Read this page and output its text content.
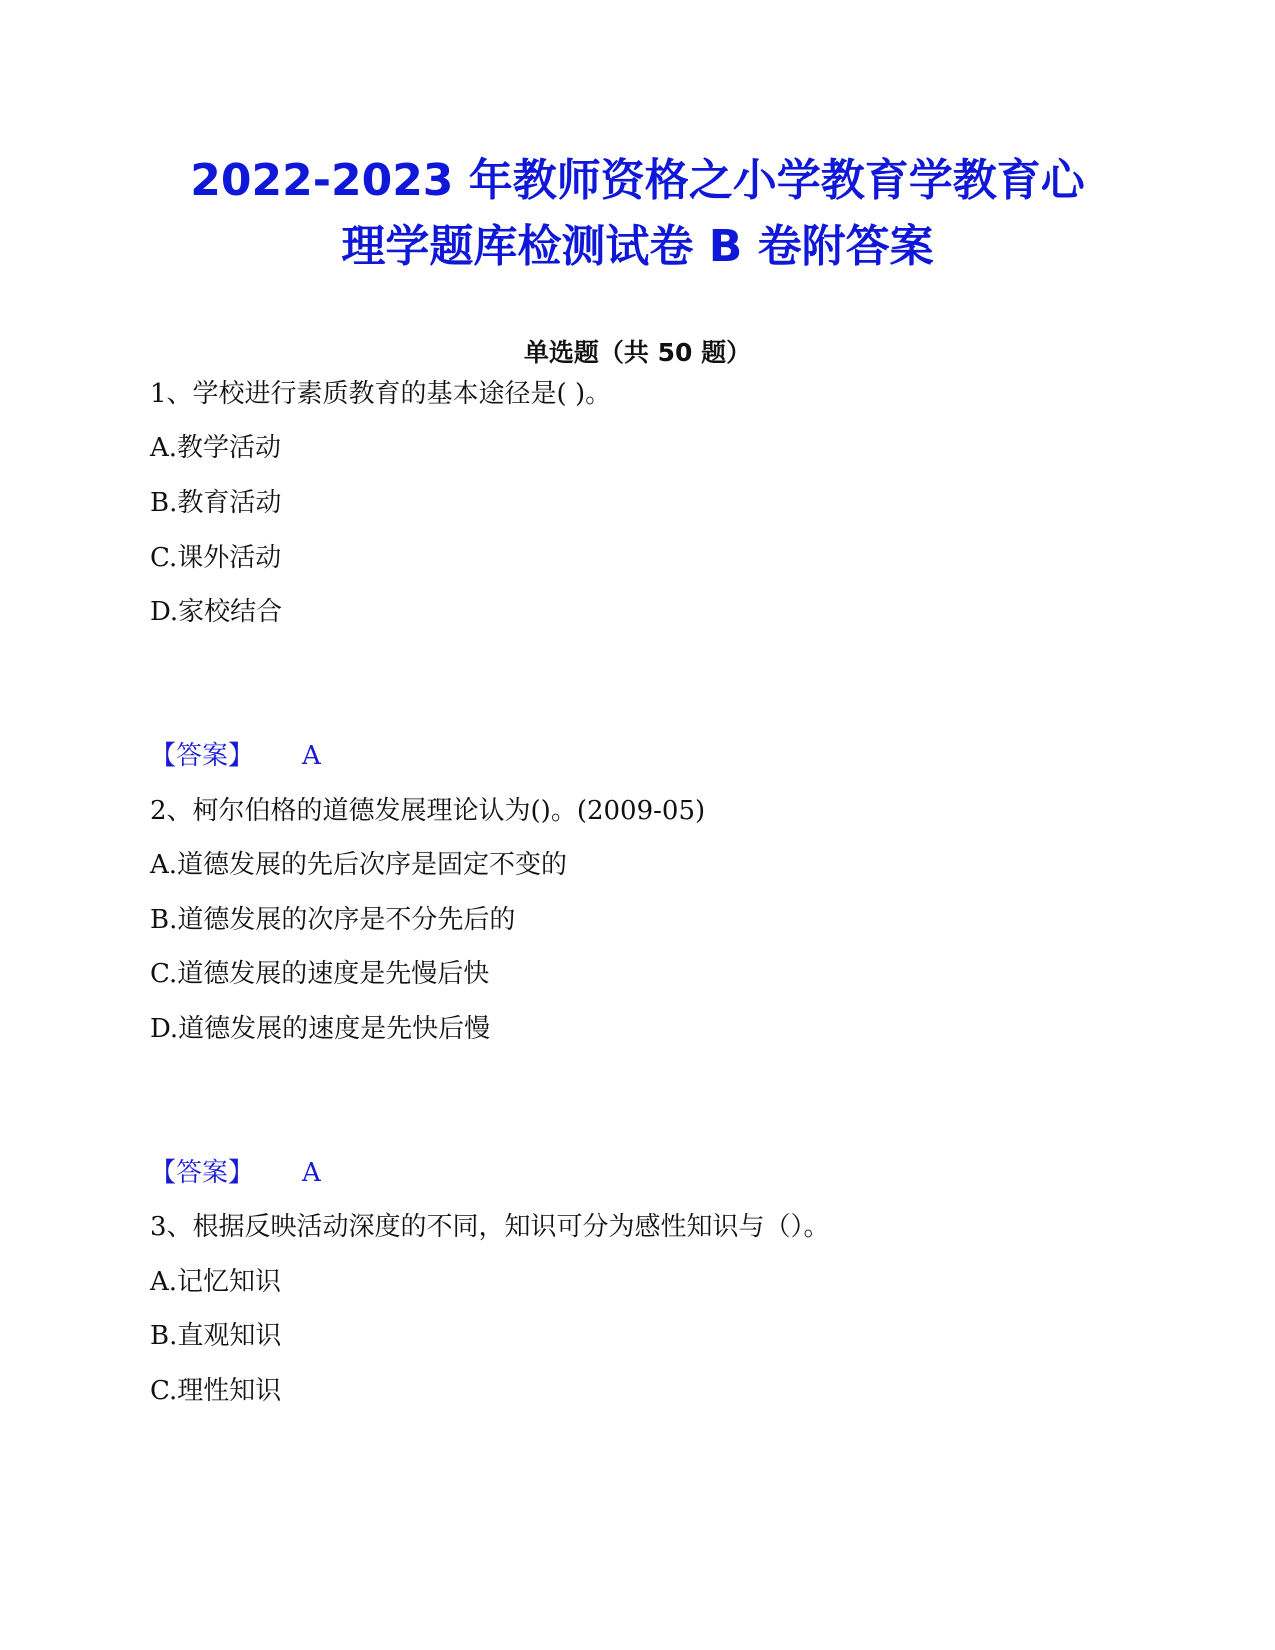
2022-2023 年教师资格之小学教育学教育心
理学题库检测试卷 B 卷附答案
单选题（共 50 题）
1、学校进行素质教育的基本途径是( )。
A.教学活动
B.教育活动
C.课外活动
D.家校结合
【答案】 A
2、柯尔伯格的道德发展理论认为()。(2009-05)
A.道德发展的先后次序是固定不变的
B.道德发展的次序是不分先后的
C.道德发展的速度是先慢后快
D.道德发展的速度是先快后慢
【答案】 A
3、根据反映活动深度的不同，知识可分为感性知识与（）。
A.记忆知识
B.直观知识
C.理性知识
